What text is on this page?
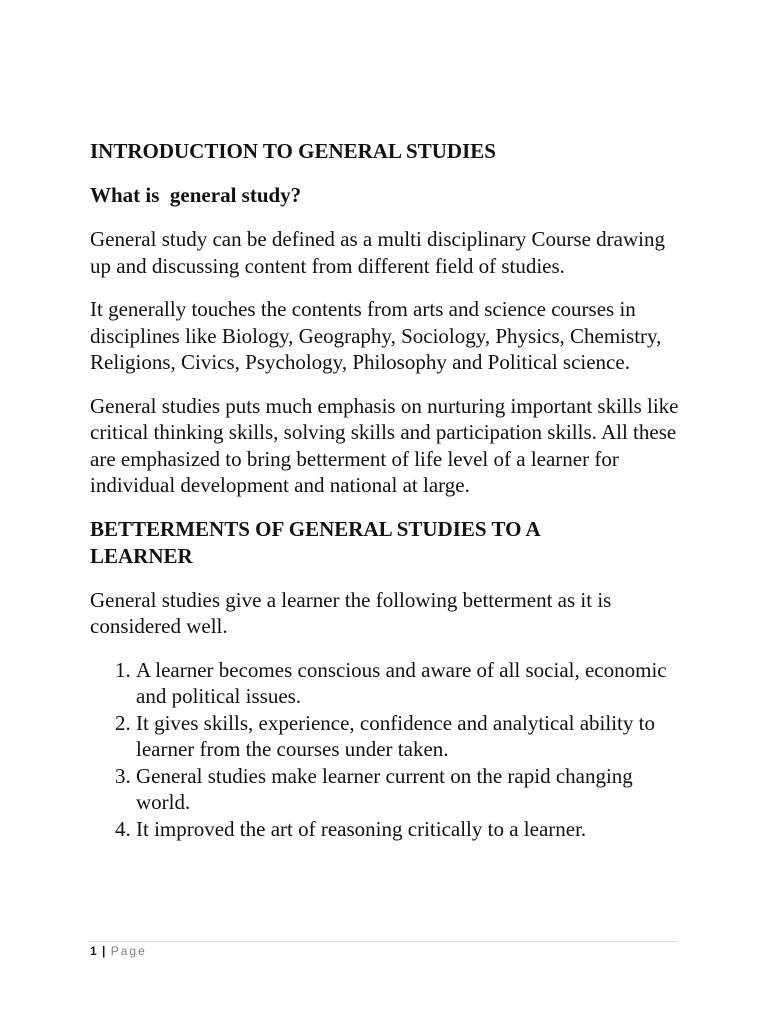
INTRODUCTION TO GENERAL STUDIES
What is  general study?

General study can be defined as a multi disciplinary Course drawing up and discussing content from different field of studies.

It generally touches the contents from arts and science courses in disciplines like Biology, Geography, Sociology, Physics, Chemistry, Religions, Civics, Psychology, Philosophy and Political science.

General studies puts much emphasis on nurturing important skills like critical thinking skills, solving skills and participation skills. All these are emphasized to bring betterment of life level of a learner for individual development and national at large.

BETTERMENTS OF GENERAL STUDIES TO A LEARNER

General studies give a learner the following betterment as it is considered well.

1. A learner becomes conscious and aware of all social, economic and political issues.
2. It gives skills, experience, confidence and analytical ability to learner from the courses under taken.
3. General studies make learner current on the rapid changing world.
4. It improved the art of reasoning critically to a learner.
1 | Page
